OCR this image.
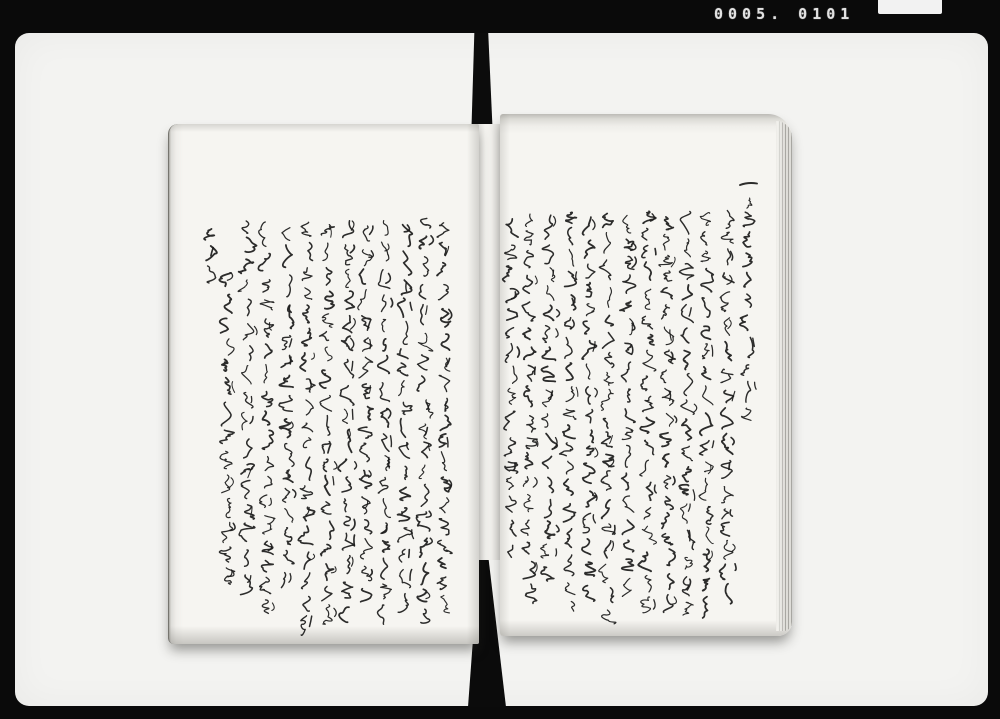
0005. 0101
